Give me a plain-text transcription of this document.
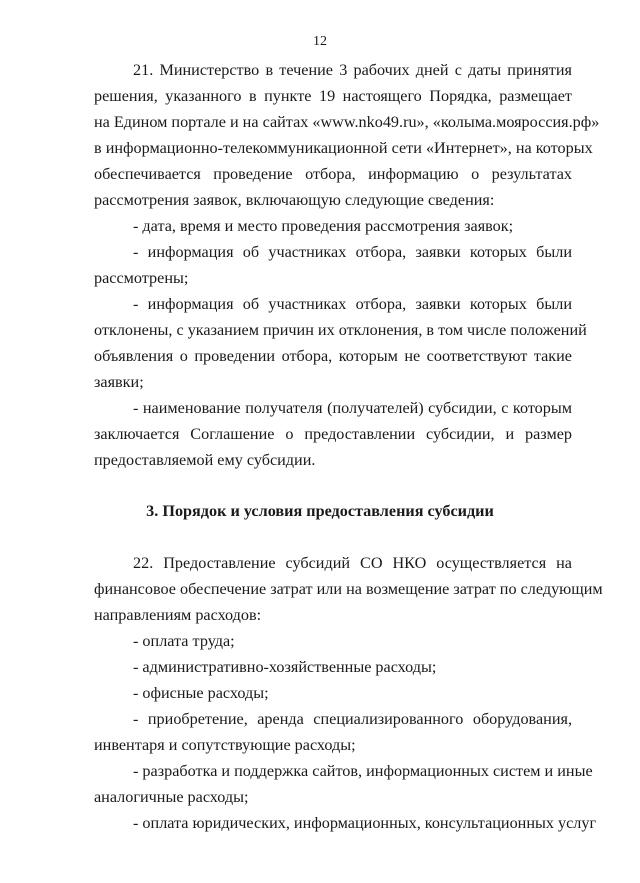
12
21. Министерство в течение 3 рабочих дней с даты принятия
решения, указанного в пункте 19 настоящего Порядка, размещает
на Едином портале и на сайтах «www.nko49.ru», «колыма.мояроссия.рф»
в информационно-телекоммуникационной сети «Интернет», на которых
обеспечивается проведение отбора, информацию о результатах
рассмотрения заявок, включающую следующие сведения:
- дата, время и место проведения рассмотрения заявок;
- информация об участниках отбора, заявки которых были
рассмотрены;
- информация об участниках отбора, заявки которых были
отклонены, с указанием причин их отклонения, в том числе положений
объявления о проведении отбора, которым не соответствуют такие
заявки;
- наименование получателя (получателей) субсидии, с которым
заключается Соглашение о предоставлении субсидии, и размер
предоставляемой ему субсидии.
3. Порядок и условия предоставления субсидии
22. Предоставление субсидий СО НКО осуществляется на
финансовое обеспечение затрат или на возмещение затрат по следующим
направлениям расходов:
- оплата труда;
- административно-хозяйственные расходы;
- офисные расходы;
- приобретение, аренда специализированного оборудования,
инвентаря и сопутствующие расходы;
- разработка и поддержка сайтов, информационных систем и иные
аналогичные расходы;
- оплата юридических, информационных, консультационных услуг
